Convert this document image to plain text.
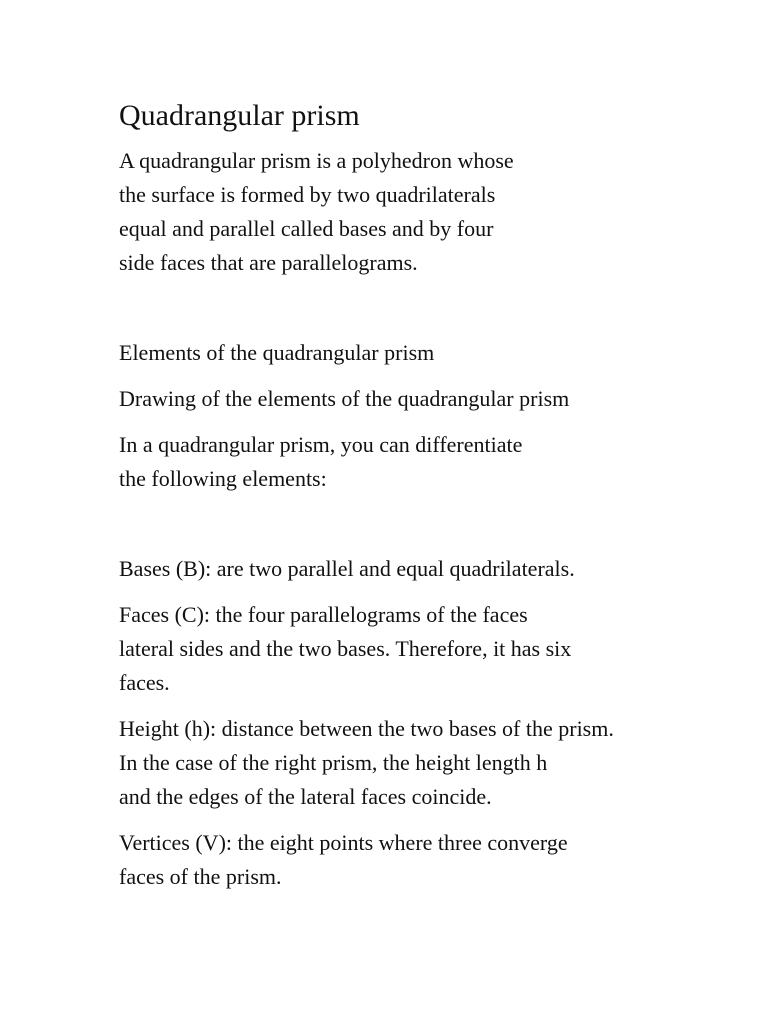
Quadrangular prism

A quadrangular prism is a polyhedron whose
the surface is formed by two quadrilaterals
equal and parallel called bases and by four
side faces that are parallelograms.

Elements of the quadrangular prism

Drawing of the elements of the quadrangular prism

In a quadrangular prism, you can differentiate
the following elements:

Bases (B): are two parallel and equal quadrilaterals.

Faces (C): the four parallelograms of the faces
lateral sides and the two bases. Therefore, it has six
faces.

Height (h): distance between the two bases of the prism.
In the case of the right prism, the height length h
and the edges of the lateral faces coincide.

Vertices (V): the eight points where three converge
faces of the prism.
